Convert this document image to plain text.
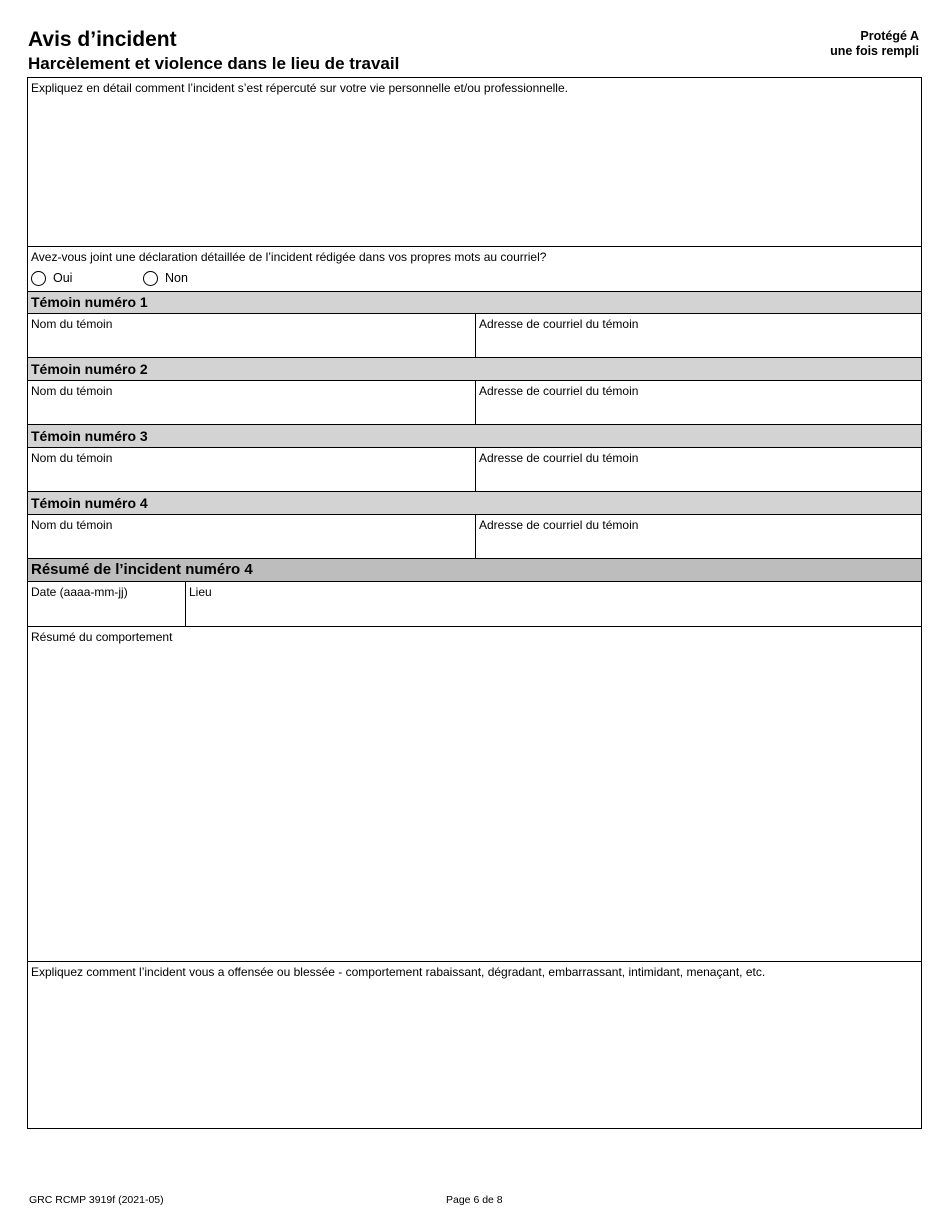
Avis d’incident
Harcèlement et violence dans le lieu de travail
Protégé A
une fois rempli
Expliquez en détail comment l’incident s’est répercuté sur votre vie personnelle et/ou professionnelle.
Avez-vous joint une déclaration détaillée de l’incident rédigée dans vos propres mots au courriel?
Oui	Non
Témoin numéro 1
Nom du témoin	Adresse de courriel du témoin
Témoin numéro 2
Nom du témoin	Adresse de courriel du témoin
Témoin numéro 3
Nom du témoin	Adresse de courriel du témoin
Témoin numéro 4
Nom du témoin	Adresse de courriel du témoin
Résumé de l’incident numéro 4
Date (aaaa-mm-jj)	Lieu
Résumé du comportement
Expliquez comment l’incident vous a offensée ou blessée - comportement rabaissant, dégradant, embarrassant, intimidant, menaçant, etc.
GRC RCMP 3919f (2021-05)	Page 6 de 8
